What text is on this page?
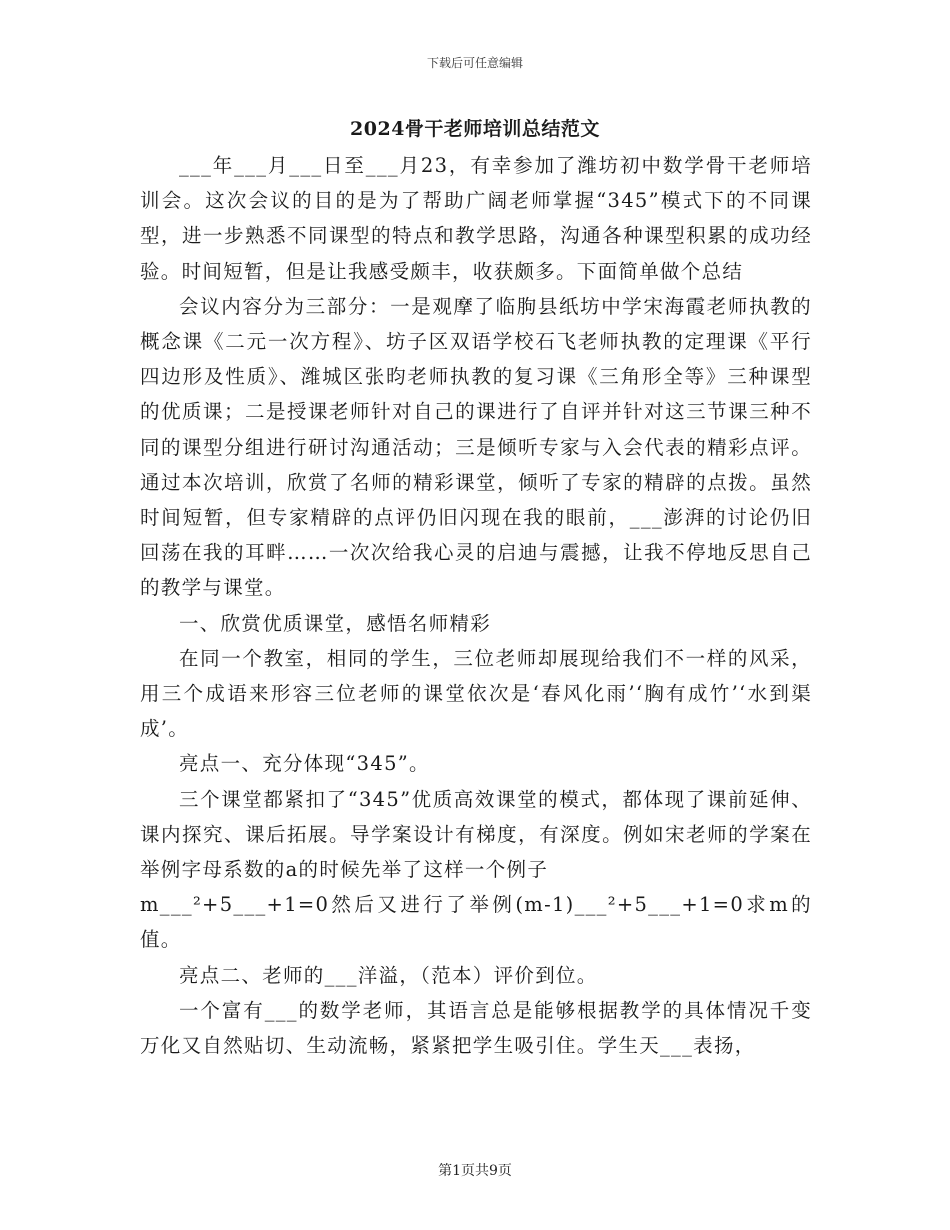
下载后可任意编辑
2024骨干老师培训总结范文

___年___月___日至___月23，有幸参加了潍坊初中数学骨干老师培训会。这次会议的目的是为了帮助广阔老师掌握“345”模式下的不同课型，进一步熟悉不同课型的特点和教学思路，沟通各种课型积累的成功经验。时间短暂，但是让我感受颇丰，收获颇多。下面简单做个总结

会议内容分为三部分：一是观摩了临朐县纸坊中学宋海霞老师执教的概念课《二元一次方程》、坊子区双语学校石飞老师执教的定理课《平行四边形及性质》、潍城区张昀老师执教的复习课《三角形全等》三种课型的优质课；二是授课老师针对自己的课进行了自评并针对这三节课三种不同的课型分组进行研讨沟通活动；三是倾听专家与入会代表的精彩点评。通过本次培训，欣赏了名师的精彩课堂，倾听了专家的精辟的点拨。虽然时间短暂，但专家精辟的点评仍旧闪现在我的眼前，___澎湃的讨论仍旧回荡在我的耳畔……一次次给我心灵的启迪与震撼，让我不停地反思自己的教学与课堂。

一、欣赏优质课堂，感悟名师精彩

在同一个教室，相同的学生，三位老师却展现给我们不一样的风采，用三个成语来形容三位老师的课堂依次是‘春风化雨’‘胸有成竹’‘水到渠成’。

亮点一、充分体现“345”。

三个课堂都紧扣了“345”优质高效课堂的模式，都体现了课前延伸、课内探究、课后拓展。导学案设计有梯度，有深度。例如宋老师的学案在举例字母系数的a的时候先举了这样一个例子

m___²+5___+1=0然后又进行了举例(m-1)___²+5___+1=0求m的值。

亮点二、老师的___洋溢，（范本）评价到位。

一个富有___的数学老师，其语言总是能够根据教学的具体情况千变万化又自然贴切、生动流畅，紧紧把学生吸引住。学生天___表扬，

第1页共9页
